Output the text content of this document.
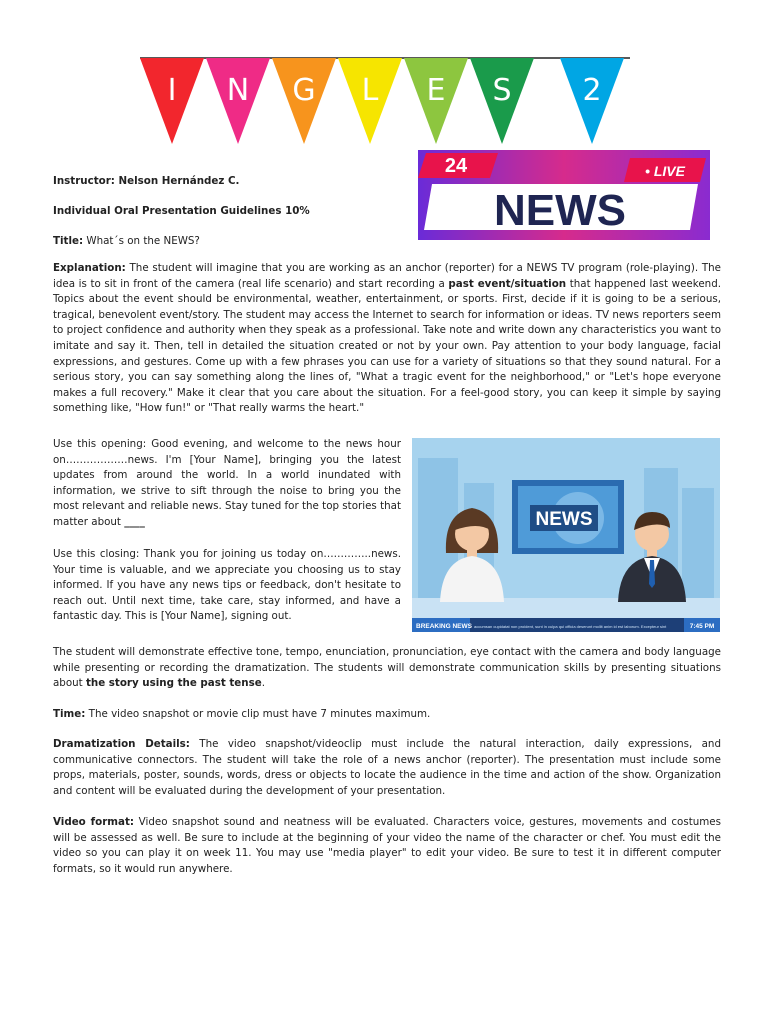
I N G L E S 2

Instructor: Nelson Hernández C.

Individual Oral Presentation Guidelines 10%

Title: What´s on the NEWS?

24	• LIVE
NEWS
Explanation: The student will imagine that you are working as an anchor (reporter) for a NEWS TV program (role-playing). The idea is to sit in front of the camera (real life scenario) and start recording a past event/situation that happened last weekend. Topics about the event should be environmental, weather, entertainment, or sports. First, decide if it is going to be a serious, tragical, benevolent event/story. The student may access the Internet to search for information or ideas. TV news reporters seem to project confidence and authority when they speak as a professional. Take note and write down any characteristics you want to imitate and say it. Then, tell in detailed the situation created or not by your own. Pay attention to your body language, facial expressions, and gestures. Come up with a few phrases you can use for a variety of situations so that they sound natural. For a serious story, you can say something along the lines of, "What a tragic event for the neighborhood," or "Let's hope everyone makes a full recovery." Make it clear that you care about the situation. For a feel-good story, you can keep it simple by saying something like, "How fun!" or "That really warms the heart."
Use this opening: Good evening, and welcome to the news hour on………………news. I'm [Your Name], bringing you the latest updates from around the world. In a world inundated with information, we strive to sift through the noise to bring you the most relevant and reliable news. Stay tuned for the top stories that matter about ____
Use this closing: Thank you for joining us today on…………..news. Your time is valuable, and we appreciate you choosing us to stay informed. If you have any news tips or feedback, don't hesitate to reach out. Until next time, take care, stay informed, and have a fantastic day. This is [Your Name], signing out.
NEWS
BREAKING NEWS accumsan cupidatat non proident, sunt in culpa qui officia deserunt mollit anim id est laborum. Excepteur sint	7:45 PM
The student will demonstrate effective tone, tempo, enunciation, pronunciation, eye contact with the camera and body language while presenting or recording the dramatization. The students will demonstrate communication skills by presenting situations about the story using the past tense.
Time: The video snapshot or movie clip must have 7 minutes maximum.
Dramatization Details: The video snapshot/videoclip must include the natural interaction, daily expressions, and communicative connectors. The student will take the role of a news anchor (reporter). The presentation must include some props, materials, poster, sounds, words, dress or objects to locate the audience in the time and action of the show. Organization and content will be evaluated during the development of your presentation.
Video format: Video snapshot sound and neatness will be evaluated. Characters voice, gestures, movements and costumes will be assessed as well. Be sure to include at the beginning of your video the name of the character or chef. You must edit the video so you can play it on week 11. You may use "media player" to edit your video. Be sure to test it in different computer formats, so it would run anywhere.
